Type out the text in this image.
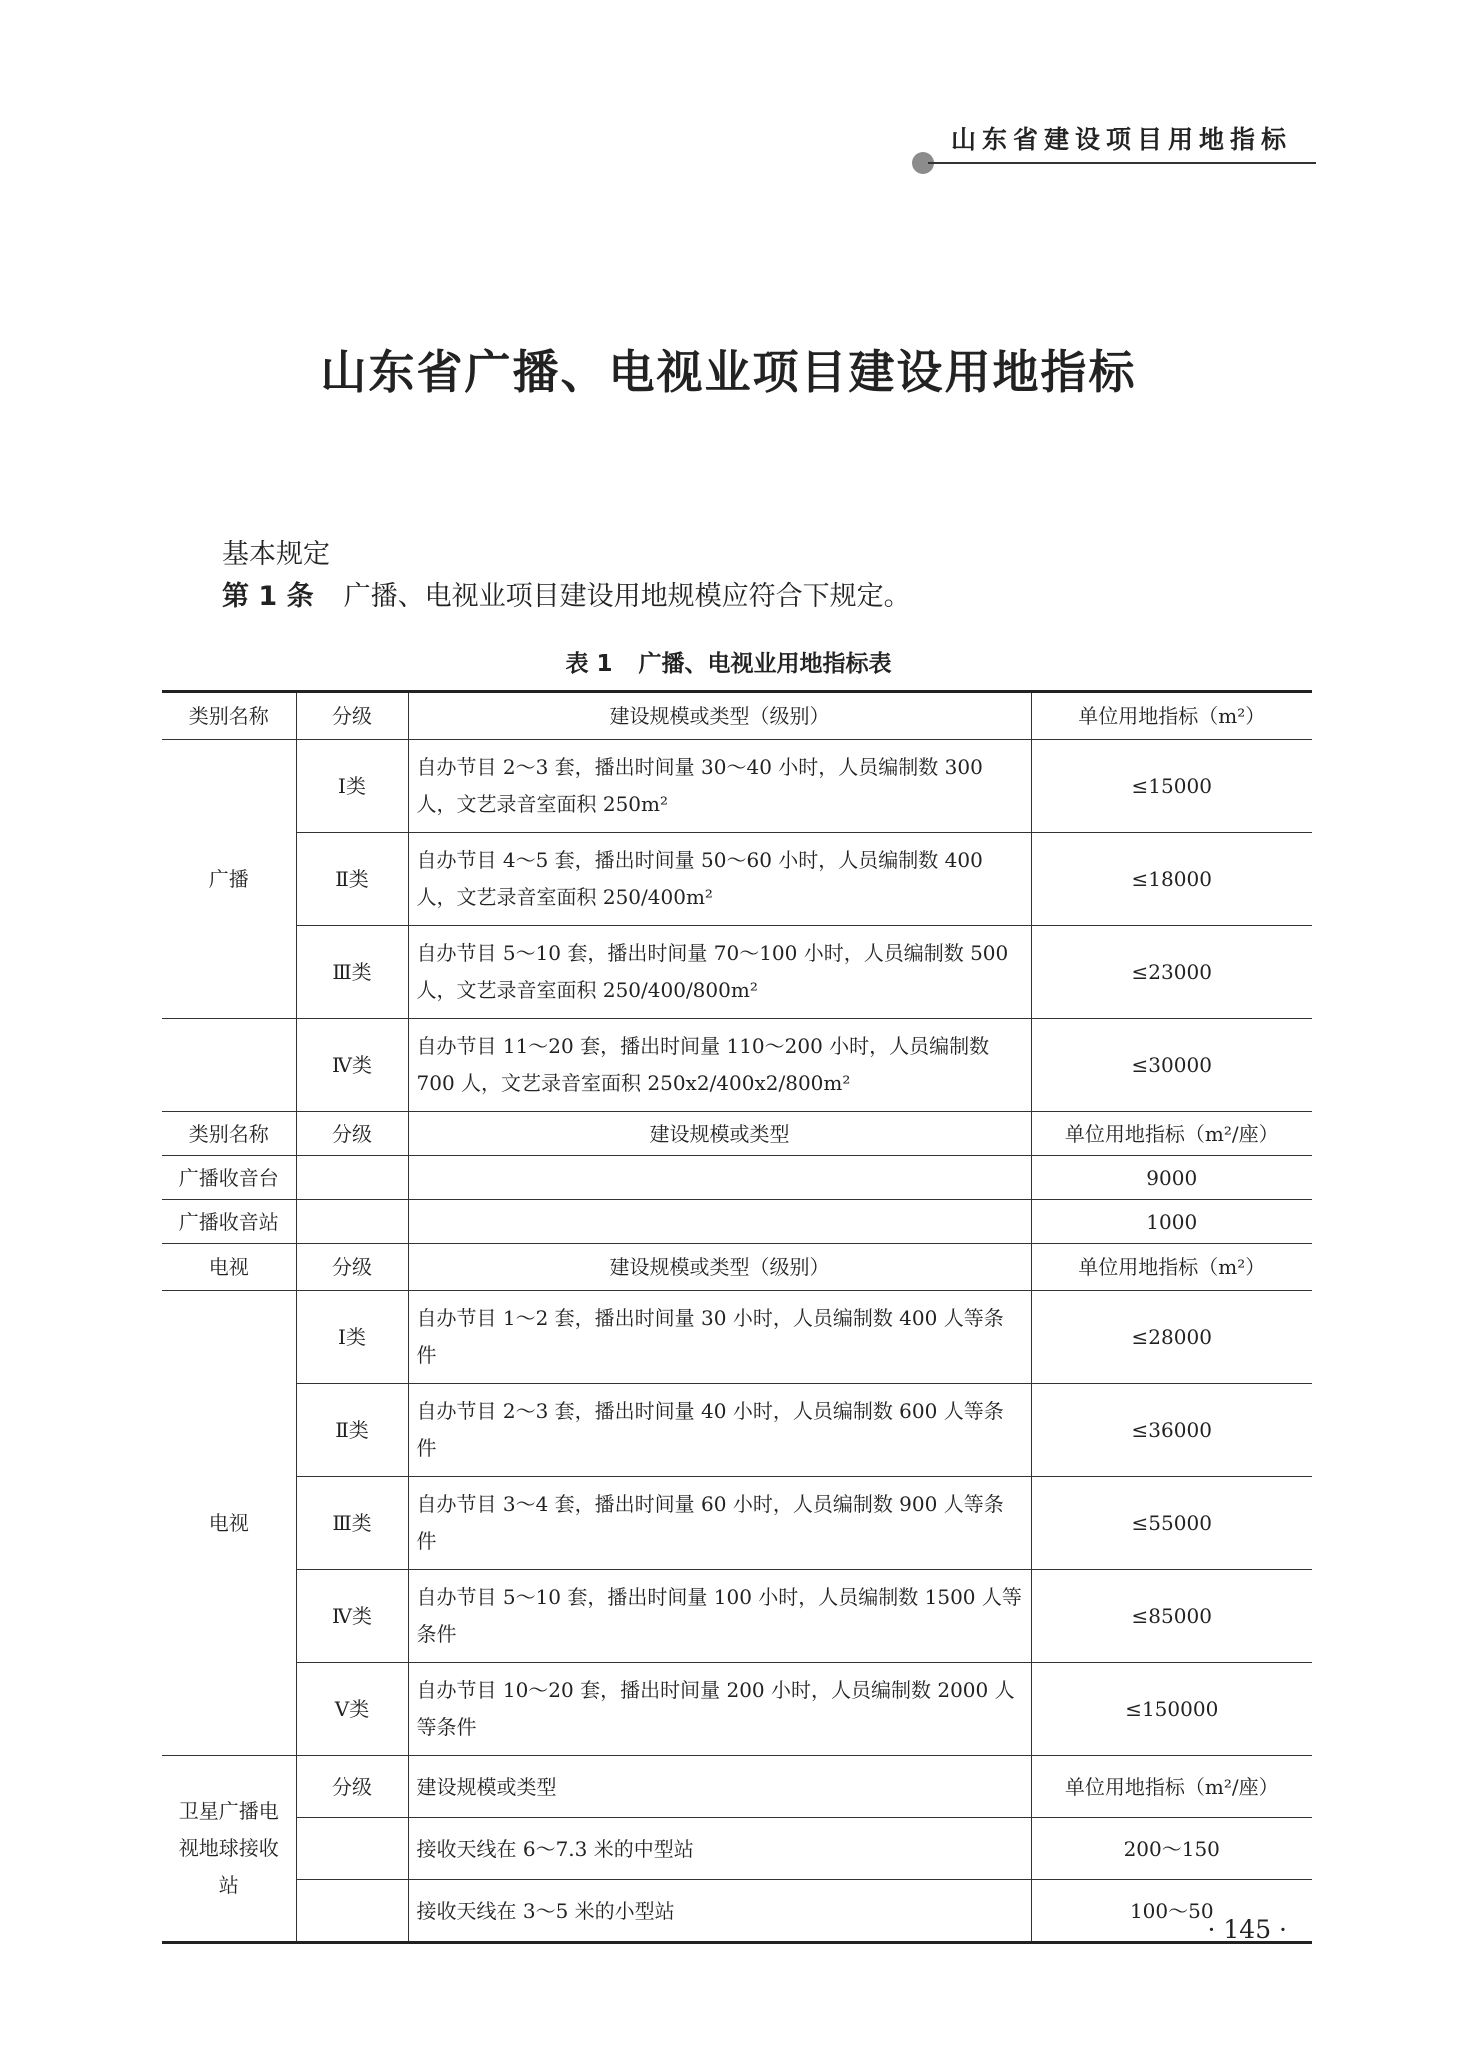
山东省建设项目用地指标
山东省广播、电视业项目建设用地指标
基本规定
第 1 条 广播、电视业项目建设用地规模应符合下规定。
表 1 广播、电视业用地指标表
类别名称	分级	建设规模或类型（级别）	单位用地指标（m²）
广播	Ⅰ类	自办节目 2～3 套，播出时间量 30～40 小时，人员编制数 300 人，文艺录音室面积 250m²	≤15000
	Ⅱ类	自办节目 4～5 套，播出时间量 50～60 小时，人员编制数 400 人，文艺录音室面积 250/400m²	≤18000
	Ⅲ类	自办节目 5～10 套，播出时间量 70～100 小时，人员编制数 500 人，文艺录音室面积 250/400/800m²	≤23000
	Ⅳ类	自办节目 11～20 套，播出时间量 110～200 小时，人员编制数 700 人，文艺录音室面积 250x2/400x2/800m²	≤30000
类别名称	分级	建设规模或类型	单位用地指标（m²/座）
广播收音台			9000
广播收音站			1000
电视	分级	建设规模或类型（级别）	单位用地指标（m²）
电视	Ⅰ类	自办节目 1～2 套，播出时间量 30 小时，人员编制数 400 人等条件	≤28000
	Ⅱ类	自办节目 2～3 套，播出时间量 40 小时，人员编制数 600 人等条件	≤36000
	Ⅲ类	自办节目 3～4 套，播出时间量 60 小时，人员编制数 900 人等条件	≤55000
	Ⅳ类	自办节目 5～10 套，播出时间量 100 小时，人员编制数 1500 人等条件	≤85000
	Ⅴ类	自办节目 10～20 套，播出时间量 200 小时，人员编制数 2000 人等条件	≤150000
卫星广播电视地球接收站	分级	建设规模或类型	单位用地指标（m²/座）
		接收天线在 6～7.3 米的中型站	200～150
		接收天线在 3～5 米的小型站	100～50
· 145 ·
